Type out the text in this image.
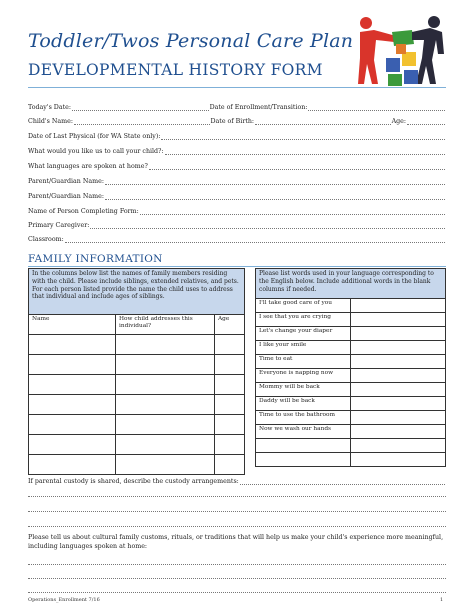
Toddler/Twos Personal Care Plan
DEVELOPMENTAL HISTORY FORM
Today's Date:	Date of Enrollment/Transition:
Child's Name:	Date of Birth:	Age:
Date of Last Physical (for WA State only):
What would you like us to call your child?:
What languages are spoken at home?
Parent/Guardian Name:
Parent/Guardian Name:
Name of Person Completing Form:
Primary Caregiver:
Classroom:
FAMILY INFORMATION
In the columns below list the names of family members residing with the child. Please include siblings, extended relatives, and pets. For each person listed provide the name the child uses to address that individual and include ages of siblings.		
Name	How child addresses this individual?	Age

Please list words used in your language corresponding to the English below. Include additional words in the blank columns if needed.	
I'll take good care of you	
I see that you are crying	
Let's change your diaper	
I like your smile	
Time to eat	
Everyone is napping now	
Mommy will be back	
Daddy will be back	
Time to use the bathroom	
Now we wash our hands	

If parental custody is shared, describe the custody arrangements:
Please tell us about cultural family customs, rituals, or traditions that will help us make your child's experience more meaningful, including languages spoken at home:
Operations_Enrollment 7/16	1
